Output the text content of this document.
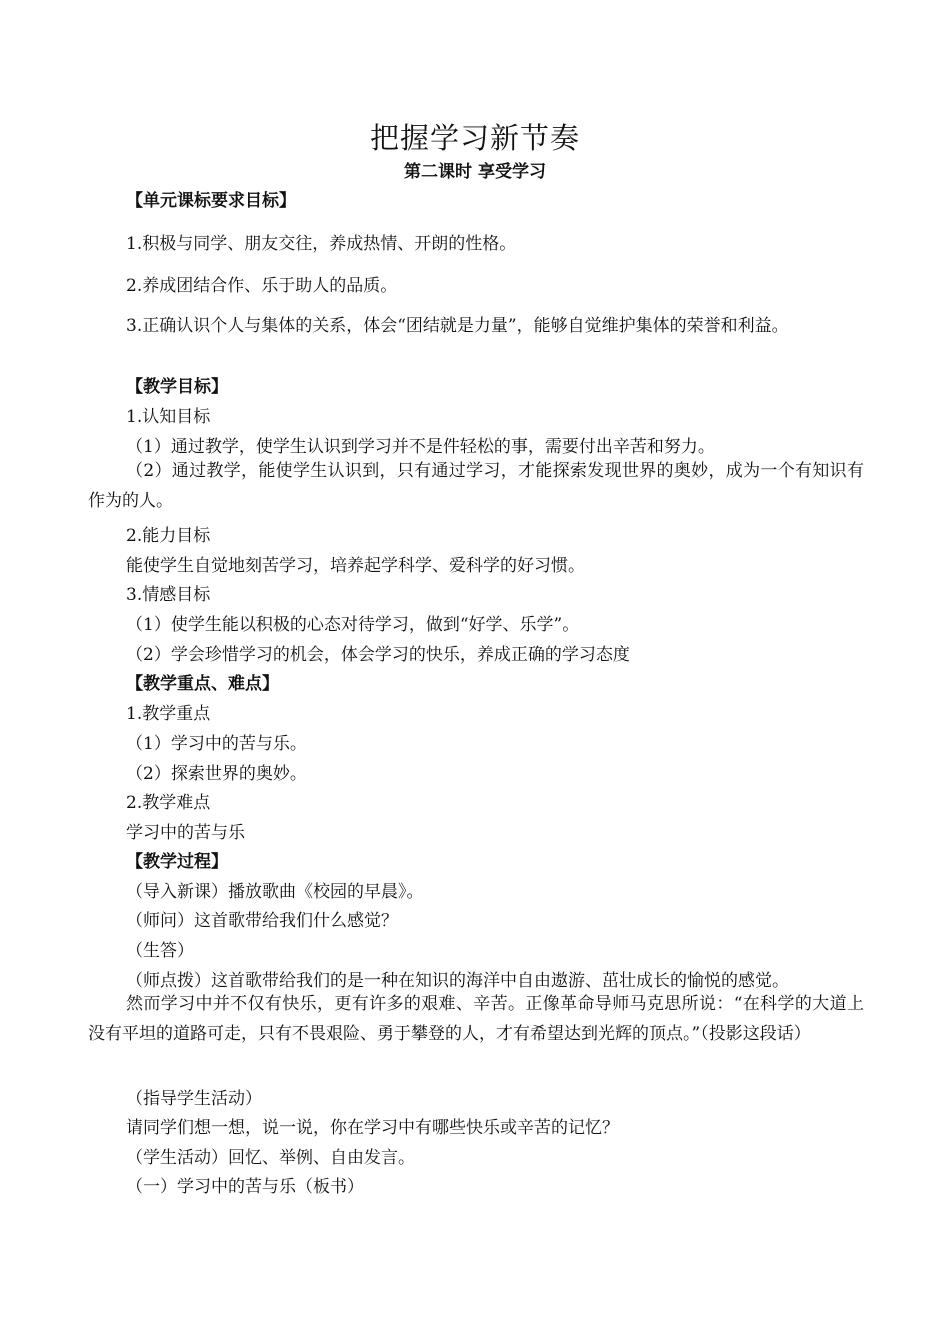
把握学习新节奏
第二课时 享受学习
【单元课标要求目标】
1.积极与同学、朋友交往，养成热情、开朗的性格。
2.养成团结合作、乐于助人的品质。
3.正确认识个人与集体的关系，体会“团结就是力量”，能够自觉维护集体的荣誉和利益。
【教学目标】
1.认知目标
（1）通过教学，使学生认识到学习并不是件轻松的事，需要付出辛苦和努力。
（2）通过教学，能使学生认识到，只有通过学习，才能探索发现世界的奥妙，成为一个有知识有作为的人。
2.能力目标
能使学生自觉地刻苦学习，培养起学科学、爱科学的好习惯。
3.情感目标
（1）使学生能以积极的心态对待学习，做到“好学、乐学”。
（2）学会珍惜学习的机会，体会学习的快乐，养成正确的学习态度
【教学重点、难点】
1.教学重点
（1）学习中的苦与乐。
（2）探索世界的奥妙。
2.教学难点
学习中的苦与乐
【教学过程】
（导入新课）播放歌曲《校园的早晨》。
（师问）这首歌带给我们什么感觉？
（生答）
（师点拨）这首歌带给我们的是一种在知识的海洋中自由遨游、茁壮成长的愉悦的感觉。
然而学习中并不仅有快乐，更有许多的艰难、辛苦。正像革命导师马克思所说：“在科学的大道上没有平坦的道路可走，只有不畏艰险、勇于攀登的人，才有希望达到光辉的顶点。”（投影这段话）
（指导学生活动）
请同学们想一想，说一说，你在学习中有哪些快乐或辛苦的记忆？
（学生活动）回忆、举例、自由发言。
（一）学习中的苦与乐（板书）
